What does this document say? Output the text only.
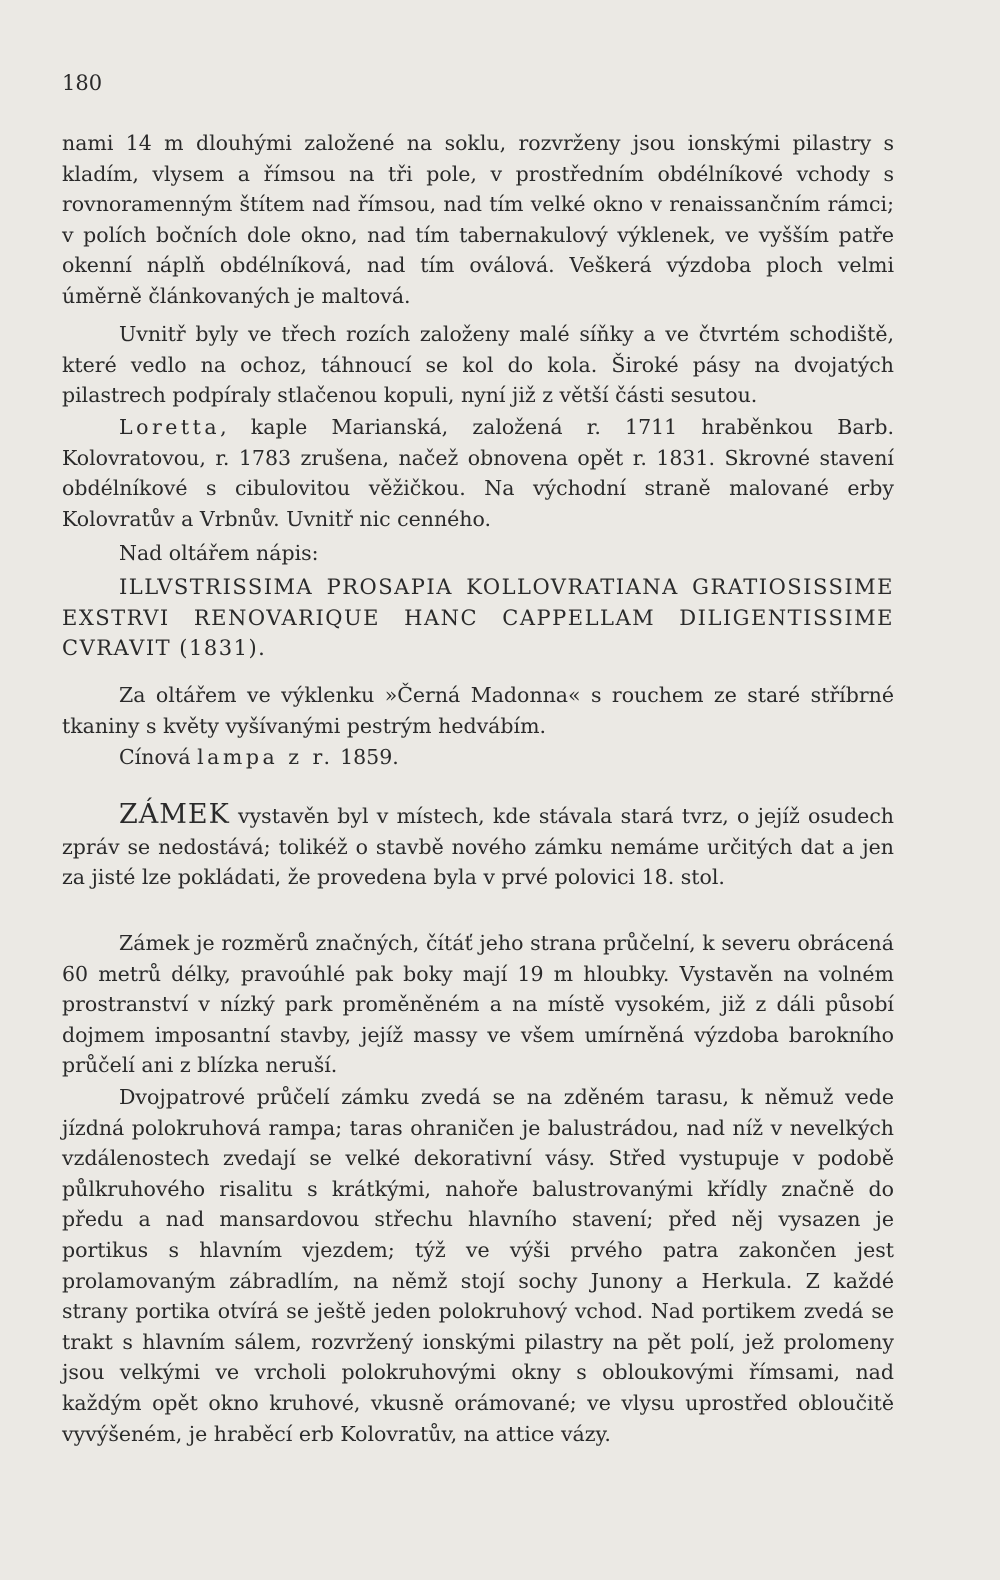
180

nami 14 m dlouhými založené na soklu, rozvrženy jsou ionskými pilastry s kladím, vlysem a římsou na tři pole, v prostředním obdélníkové vchody s rovnoramenným štítem nad římsou, nad tím velké okno v renaissančním rámci; v polích bočních dole okno, nad tím tabernakulový výklenek, ve vyšším patře okenní náplň obdélníková, nad tím oválová. Veškerá výzdoba ploch velmi úměrně článkovaných je maltová.

Uvnitř byly ve třech rozích založeny malé síňky a ve čtvrtém schodiště, které vedlo na ochoz, táhnoucí se kol do kola. Široké pásy na dvojatých pilastrech podpíraly stlačenou kopuli, nyní již z větší části sesutou.

Loretta, kaple Marianská, založená r. 1711 hraběnkou Barb. Kolovratovou, r. 1783 zrušena, načež obnovena opět r. 1831. Skrovné stavení obdélníkové s cibulovitou věžičkou. Na východní straně malované erby Kolovratův a Vrbnův. Uvnitř nic cenného.

Nad oltářem nápis:

ILLVSTRISSIMA PROSAPIA KOLLOVRATIANA GRATIOSISSIME EXSTRVI RENOVARIQUE HANC CAPPELLAM DILIGENTISSIME CVRAVIT (1831).

Za oltářem ve výklenku »Černá Madonna« s rouchem ze staré stříbrné tkaniny s květy vyšívanými pestrým hedvábím.

Cínová lampa z r. 1859.

ZÁMEK vystavěn byl v místech, kde stávala stará tvrz, o jejíž osudech zpráv se nedostává; tolikéž o stavbě nového zámku nemáme určitých dat a jen za jisté lze pokládati, že provedena byla v prvé polovici 18. stol.

Zámek je rozměrů značných, čítáť jeho strana průčelní, k severu obrácená 60 metrů délky, pravoúhlé pak boky mají 19 m hloubky. Vystavěn na volném prostranství v nízký park proměněném a na místě vysokém, již z dáli působí dojmem imposantní stavby, jejíž massy ve všem umírněná výzdoba barokního průčelí ani z blízka neruší.

Dvojpatrové průčelí zámku zvedá se na zděném tarasu, k němuž vede jízdná polokruhová rampa; taras ohraničen je balustrádou, nad níž v nevelkých vzdálenostech zvedají se velké dekorativní vásy. Střed vystupuje v podobě půlkruhového risalitu s krátkými, nahoře balustrovanými křídly značně do předu a nad mansardovou střechu hlavního stavení; před něj vysazen je portikus s hlavním vjezdem; týž ve výši prvého patra zakončen jest prolamovaným zábradlím, na němž stojí sochy Junony a Herkula. Z každé strany portika otvírá se ještě jeden polokruhový vchod. Nad portikem zvedá se trakt s hlavním sálem, rozvržený ionskými pilastry na pět polí, jež prolomeny jsou velkými ve vrcholi polokruhovými okny s obloukovými římsami, nad každým opět okno kruhové, vkusně orámované; ve vlysu uprostřed obloučitě vyvýšeném, je hraběcí erb Kolovratův, na attice vázy.
